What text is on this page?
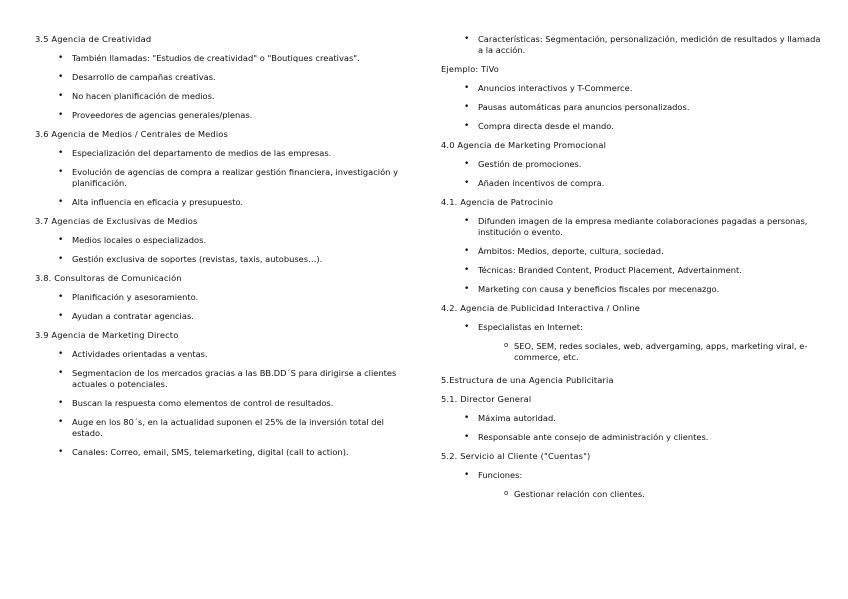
3.5 Agencia de Creatividad

• También llamadas: "Estudios de creatividad" o "Boutiques creativas".

• Desarrollo de campañas creativas.

• No hacen planificación de medios.

• Proveedores de agencias generales/plenas.

3.6 Agencia de Medios / Centrales de Medios

• Especialización del departamento de medios de las empresas.

• Evolución de agencias de compra a realizar gestión financiera, investigación y planificación.

• Alta influencia en eficacia y presupuesto.

3.7 Agencias de Exclusivas de Medios

• Medios locales o especializados.

• Gestión exclusiva de soportes (revistas, taxis, autobuses…).

3.8. Consultoras de Comunicación

• Planificación y asesoramiento.

• Ayudan a contratar agencias.

3.9 Agencia de Marketing Directo

• Actividades orientadas a ventas.

• Segmentacion de los mercados gracias a las BB.DD´S para dirigirse a clientes actuales o potenciales.

• Buscan la respuesta como elementos de control de resultados.

• Auge en los 80´s, en la actualidad suponen el 25% de la inversión total del estado.

• Canales: Correo, email, SMS, telemarketing, digital (call to action).

• Características: Segmentación, personalización, medición de resultados y llamada a la acción.

Ejemplo: TiVo

• Anuncios interactivos y T-Commerce.

• Pausas automáticas para anuncios personalizados.

• Compra directa desde el mando.

4.0 Agencia de Marketing Promocional

• Gestión de promociones.

• Añaden incentivos de compra.

4.1. Agencia de Patrocinio

• Difunden imagen de la empresa mediante colaboraciones pagadas a personas, institución o evento.

• Ámbitos: Medios, deporte, cultura, sociedad.

• Técnicas: Branded Content, Product Placement, Advertainment.

• Marketing con causa y beneficios fiscales por mecenazgo.

4.2. Agencia de Publicidad Interactiva / Online

• Especialistas en Internet:

o SEO, SEM, redes sociales, web, advergaming, apps, marketing viral, e-commerce, etc.

5.Estructura de una Agencia Publicitaria

5.1. Director General

• Máxima autoridad.

• Responsable ante consejo de administración y clientes.

5.2. Servicio al Cliente ("Cuentas")

• Funciones:

o Gestionar relación con clientes.
